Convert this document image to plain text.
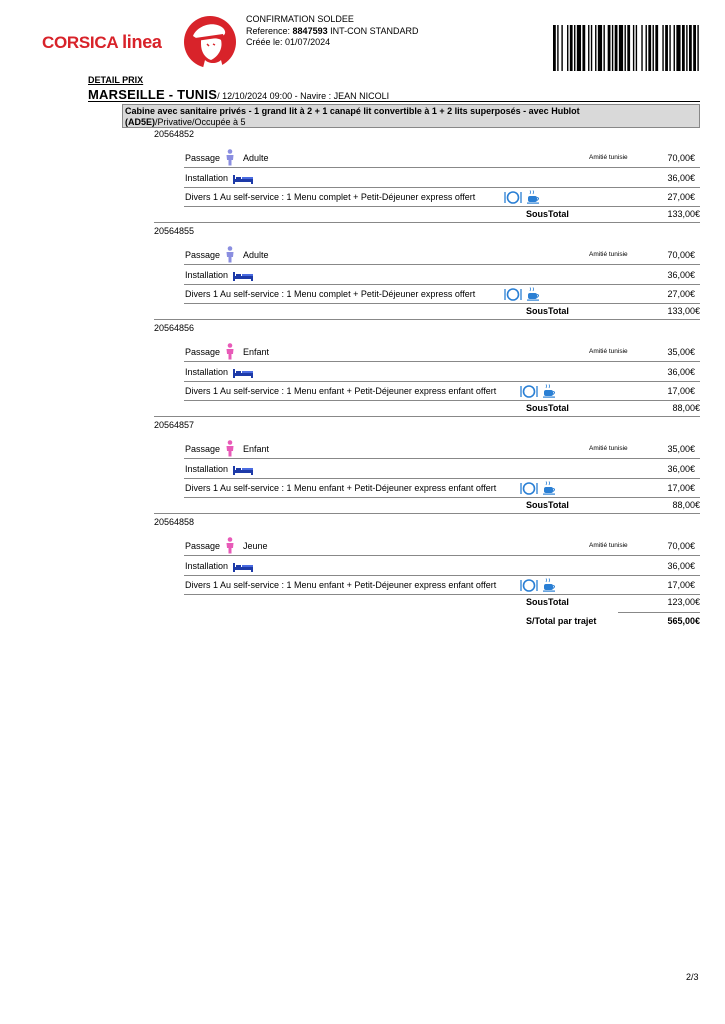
CORSICA linea
CONFIRMATION SOLDEE
Reference: 8847593 INT-CON STANDARD
Créée le: 01/07/2024
DETAIL PRIX
MARSEILLE - TUNIS/ 12/10/2024 09:00 - Navire : JEAN NICOLI
Cabine avec sanitaire privés - 1 grand lit à 2 + 1 canapé lit convertible à 1 + 2 lits superposés - avec Hublot
(AD5E)/Privative/Occupée à 5
20564852
Passage	Adulte	Amitié tunisie	70,00€
Installation	36,00€
Divers 1 Au self-service : 1 Menu complet + Petit-Déjeuner express offert	27,00€
SousTotal	133,00€
20564855
Passage	Adulte	Amitié tunisie	70,00€
Installation	36,00€
Divers 1 Au self-service : 1 Menu complet + Petit-Déjeuner express offert	27,00€
SousTotal	133,00€
20564856
Passage	Enfant	Amitié tunisie	35,00€
Installation	36,00€
Divers 1 Au self-service : 1 Menu enfant + Petit-Déjeuner express enfant offert	17,00€
SousTotal	88,00€
20564857
Passage	Enfant	Amitié tunisie	35,00€
Installation	36,00€
Divers 1 Au self-service : 1 Menu enfant + Petit-Déjeuner express enfant offert	17,00€
SousTotal	88,00€
20564858
Passage	Jeune	Amitié tunisie	70,00€
Installation	36,00€
Divers 1 Au self-service : 1 Menu enfant + Petit-Déjeuner express enfant offert	17,00€
SousTotal	123,00€
S/Total par trajet	565,00€
2/3
